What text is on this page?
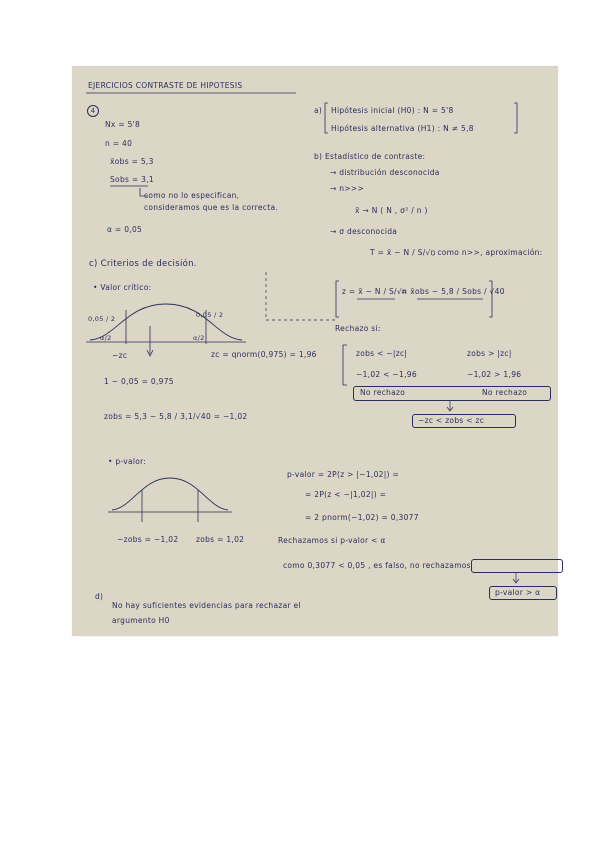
EJERCICIOS CONTRASTE DE HIPOTESIS
4
Nx = 5'8
n = 40
x̄obs = 5,3
Sobs = 3,1
como no lo especifican,
consideramos que es la correcta.
α = 0,05
a) Hipótesis inicial (H0) : N = 5'8
Hipótesis alternativa (H1) : N ≠ 5,8
b) Estadístico de contraste:
→ distribución desconocida
→ n>>>
x̄ → N ( N , σ² / n )
→ σ desconocida
T = x̄ − N / S/√n
, como n>>, aproximación:
z = x̄ − N / S/√n
= x̄obs − 5,8 / Sobs / √40
c) Criterios de decisión.
• Valor crítico:
0,05 / 2	0,05 / 2
α/2	α/2
−zc	zc = qnorm(0,975) = 1,96
1 − 0,05 = 0,975
zobs = 5,3 − 5,8 / 3,1/√40 = −1,02
Rechazo si:
zobs < −|zc|	zobs > |zc|
−1,02 < −1,96	−1,02 > 1,96
No rechazo	No rechazo
−zc < zobs < zc
• p-valor:
−zobs = −1,02 zobs = 1,02
p-valor = 2P(z > |−1,02|) =
= 2P(z < −|1,02|) =
= 2 pnorm(−1,02) = 0,3077
Rechazamos si p-valor < α
como 0,3077 < 0,05 , es falso, no rechazamos
p-valor > α
d)
No hay suficientes evidencias para rechazar el
argumento H0
